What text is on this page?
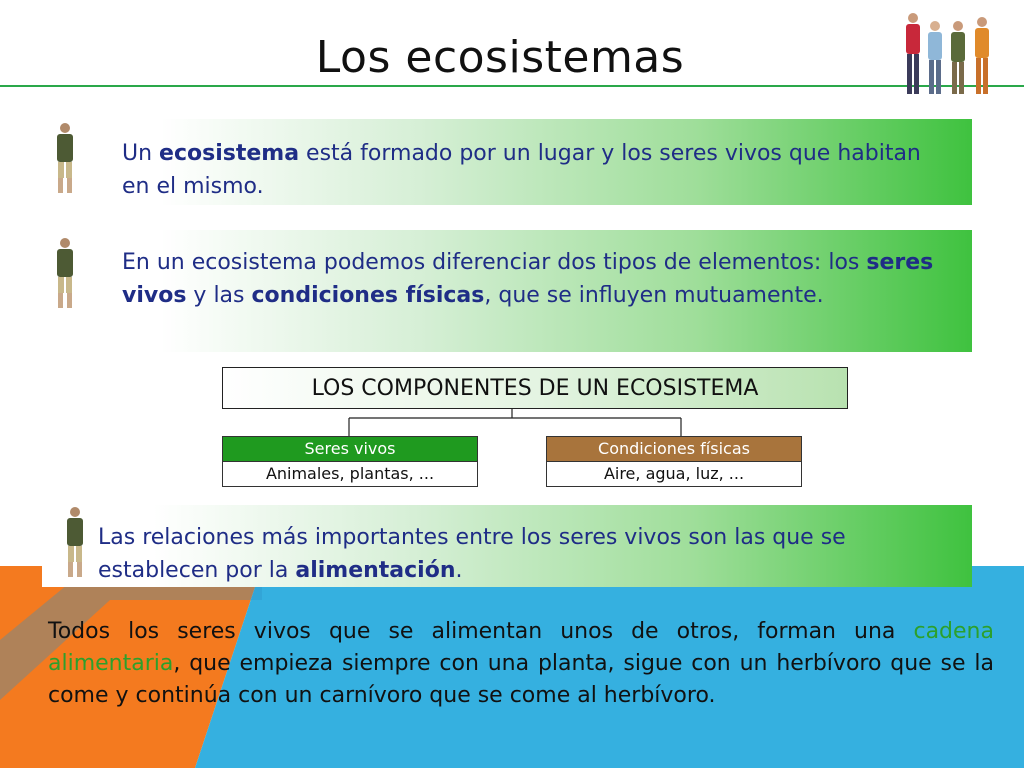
Los ecosistemas
Un ecosistema está formado por un lugar y los seres vivos que habitan en el mismo.
En un ecosistema podemos diferenciar dos tipos de elementos: los seres vivos y las condiciones físicas, que se influyen mutuamente.
LOS COMPONENTES DE UN ECOSISTEMA
Seres vivos
Animales, plantas, ...
Condiciones físicas
Aire, agua, luz, ...
Las relaciones más importantes entre los seres vivos son las que se establecen por la alimentación.
Todos los seres vivos que se alimentan unos de otros, forman una cadena alimentaria, que empieza siempre con una planta, sigue con un herbívoro que se la come y continúa con un carnívoro que se come al herbívoro.
